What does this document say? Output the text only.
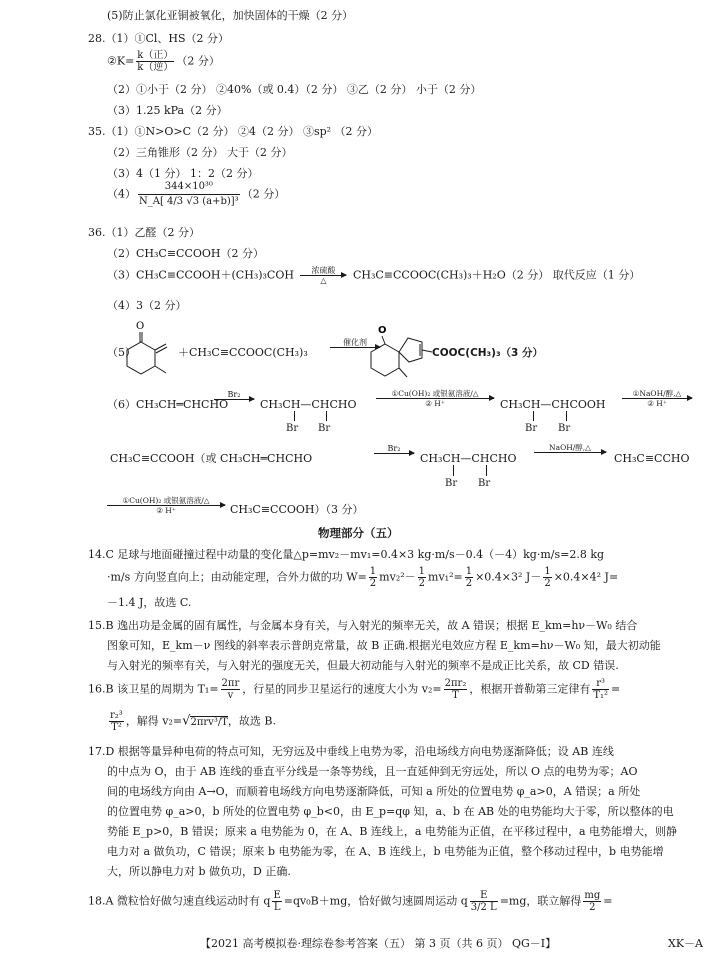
(5)防止氯化亚铜被氧化，加快固体的干燥（2 分）
28.（1）①Cl、HS（2 分）
②K= $\frac{\text{k（正）}}{\text{k（逆）}} (2$ 分）
（2）①小于（2 分） ②40%（或 0.4）（2 分） ③乙（2 分） 小于（2 分）
（3）1.25 kPa（2 分）
35.（1）①N>O>C（2 分） ②4（2 分） ③sp² （2 分）
（2）三角锥形（2 分） 大于（2 分）
（3）4（1 分） 1：2（2 分）
$(4) \frac{\text{344×10³⁰}}{\text{N\_A[ 4/3 √3 (a+b)]³}} (2$ 分）
36.（1）乙醛（2 分）
（2）CH₃C≡CCOOH（2 分）
（3）CH₃C≡CCOOH＋(CH₃)₃COH	浓硫酸
△	CH₃C≡CCOOC(CH₃)₃＋H₂O（2 分） 取代反应（1 分）
（4）3（2 分）
（5）
O
＋CH₃C≡CCOOC(CH₃)₃
催化剂

O
COOC(CH₃)₃（3 分）
（6）CH₃CH═CHCHO
Br₂

CH₃CH—CHCHO
Br Br
①Cu(OH)₂ 或银氨溶液/△
② H⁺	CH₃CH—CHCOOH
Br Br
①NaOH/醇,△
② H⁺
CH₃C≡CCOOH（或 CH₃CH═CHCHO
Br₂

CH₃CH—CHCHO
Br Br
NaOH/醇,△

CH₃C≡CCHO
①Cu(OH)₂ 或银氨溶液/△
② H⁺	CH₃C≡CCOOH）（3 分）
物理部分（五）
14.C 足球与地面碰撞过程中动量的变化量△p=mv₂－mv₁=0.4×3 kg·m/s－0.4（－4）kg·m/s=2.8 kg
·m/s 方向竖直向上；由动能定理，合外力做的功 $W= \frac{1}{2} mv_2^2- \frac{1}{2} mv_1^2= \frac{1}{2} \times 0.4\times 3^2$ $J- \frac{1}{2} \times 0.4\times 4^2$ J=
－1.4 J，故选 C.
15.B 逸出功是金属的固有属性，与金属本身有关，与入射光的频率无关，故 A 错误；根据 E_km=hν－W₀ 结合
图象可知，E_km－ν 图线的斜率表示普朗克常量，故 B 正确.根据光电效应方程 E_km=hν－W₀ 知，最大初动能
与入射光的频率有关，与入射光的强度无关，但最大初动能与入射光的频率不是成正比关系，故 CD 错误.
16.B 该卫星的周期为 $T_1= \frac{2\pi r}{v}$ ，行星的同步卫星运行的速度大小为 $v_2= \frac{\text{2πr₂}}{T}$ ，根据开普勒第三定律有 $\frac{\text{r³}}{\text{T₁²}}$ =
$\frac{\text{r₂³}}{\text{T²}}$ ，解得 v₂=√2πrv³/T，故选 B.
17.D 根据等量异种电荷的特点可知，无穷远及中垂线上电势为零，沿电场线方向电势逐渐降低；设 AB 连线
的中点为 O，由于 AB 连线的垂直平分线是一条等势线，且一直延伸到无穷远处，所以 O 点的电势为零；AO
间的电场线方向由 A→O，而顺着电场线方向电势逐渐降低，可知 a 所处的位置电势 φ_a>0，A 错误；a 所处
的位置电势 φ_a>0，b 所处的位置电势 φ_b<0，由 E_p=qφ 知，a、b 在 AB 处的电势能均大于零，所以整体的电
势能 E_p>0，B 错误；原来 a 电势能为 0，在 A、B 连线上，a 电势能为正值，在平移过程中，a 电势能增大，则静
电力对 a 做负功，C 错误；原来 b 电势能为零，在 A、B 连线上，b 电势能为正值，整个移动过程中，b 电势能增
大，所以静电力对 b 做负功，D 正确.
18.A 微粒恰好做匀速直线运动时有 q $\frac{E}{L} =qv_0B+mg$，恰好做匀速圆周运动 q $\frac{E}{3/2 L} =mg$，联立解得 $\frac{mg}{2}$ =
【2021 高考模拟卷·理综卷参考答案（五） 第 3 页（共 6 页） QG－Ⅰ】	XK－A
